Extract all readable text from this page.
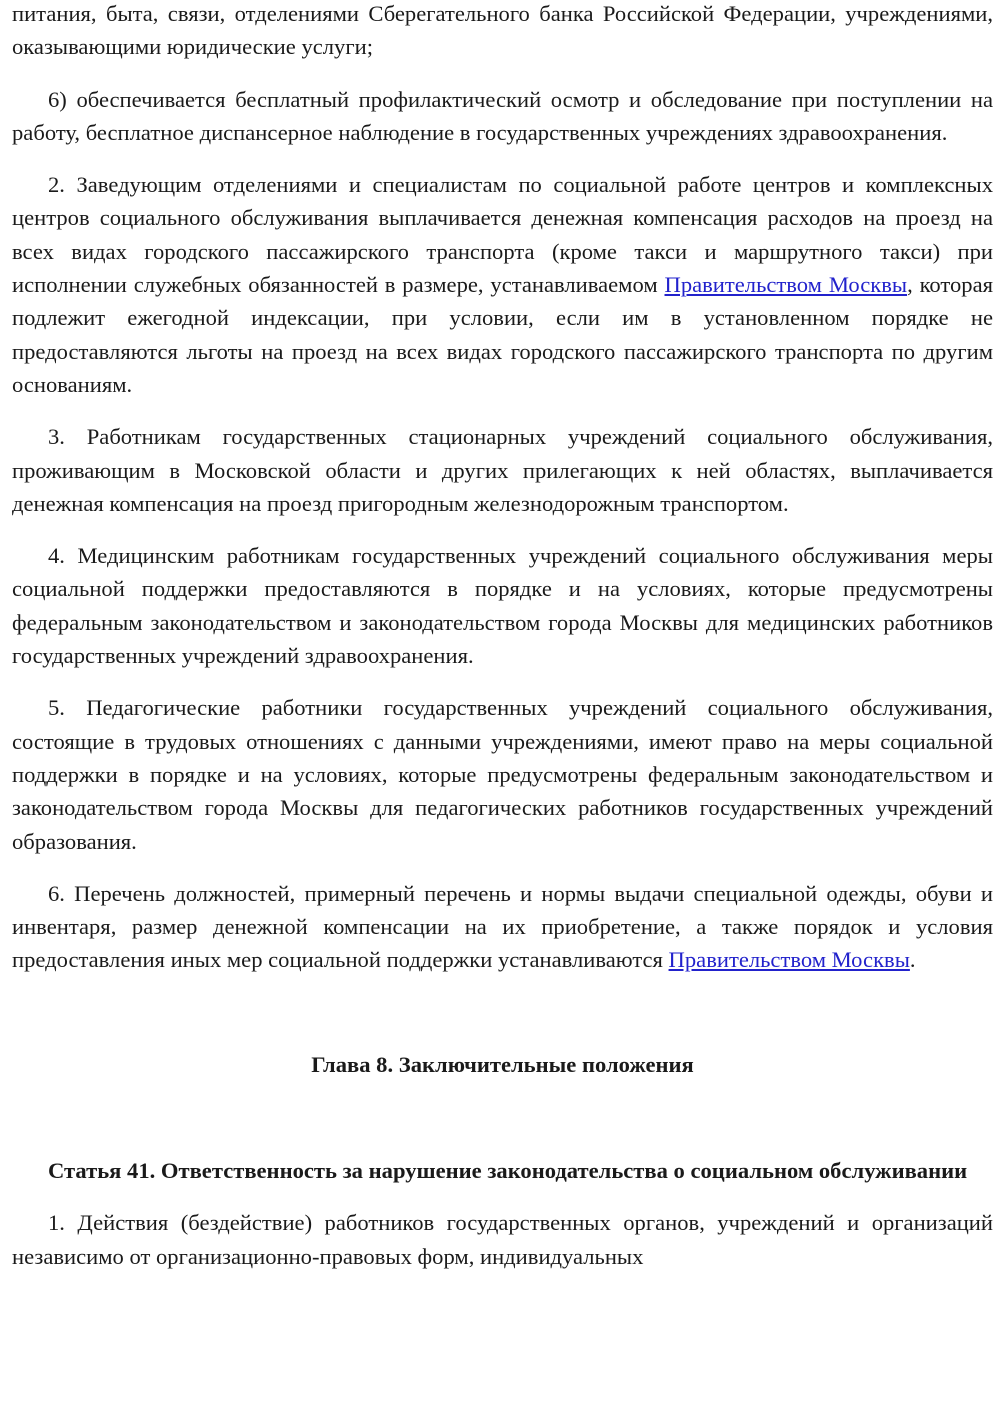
питания, быта, связи, отделениями Сберегательного банка Российской Федерации, учреждениями, оказывающими юридические услуги;

6) обеспечивается бесплатный профилактический осмотр и обследование при поступлении на работу, бесплатное диспансерное наблюдение в государственных учреждениях здравоохранения.

2. Заведующим отделениями и специалистам по социальной работе центров и комплексных центров социального обслуживания выплачивается денежная компенсация расходов на проезд на всех видах городского пассажирского транспорта (кроме такси и маршрутного такси) при исполнении служебных обязанностей в размере, устанавливаемом Правительством Москвы, которая подлежит ежегодной индексации, при условии, если им в установленном порядке не предоставляются льготы на проезд на всех видах городского пассажирского транспорта по другим основаниям.

3. Работникам государственных стационарных учреждений социального обслуживания, проживающим в Московской области и других прилегающих к ней областях, выплачивается денежная компенсация на проезд пригородным железнодорожным транспортом.

4. Медицинским работникам государственных учреждений социального обслуживания меры социальной поддержки предоставляются в порядке и на условиях, которые предусмотрены федеральным законодательством и законодательством города Москвы для медицинских работников государственных учреждений здравоохранения.

5. Педагогические работники государственных учреждений социального обслуживания, состоящие в трудовых отношениях с данными учреждениями, имеют право на меры социальной поддержки в порядке и на условиях, которые предусмотрены федеральным законодательством и законодательством города Москвы для педагогических работников государственных учреждений образования.

6. Перечень должностей, примерный перечень и нормы выдачи специальной одежды, обуви и инвентаря, размер денежной компенсации на их приобретение, а также порядок и условия предоставления иных мер социальной поддержки устанавливаются Правительством Москвы.

Глава 8. Заключительные положения

Статья 41. Ответственность за нарушение законодательства о социальном обслуживании

1. Действия (бездействие) работников государственных органов, учреждений и организаций независимо от организационно-правовых форм, индивидуальных
